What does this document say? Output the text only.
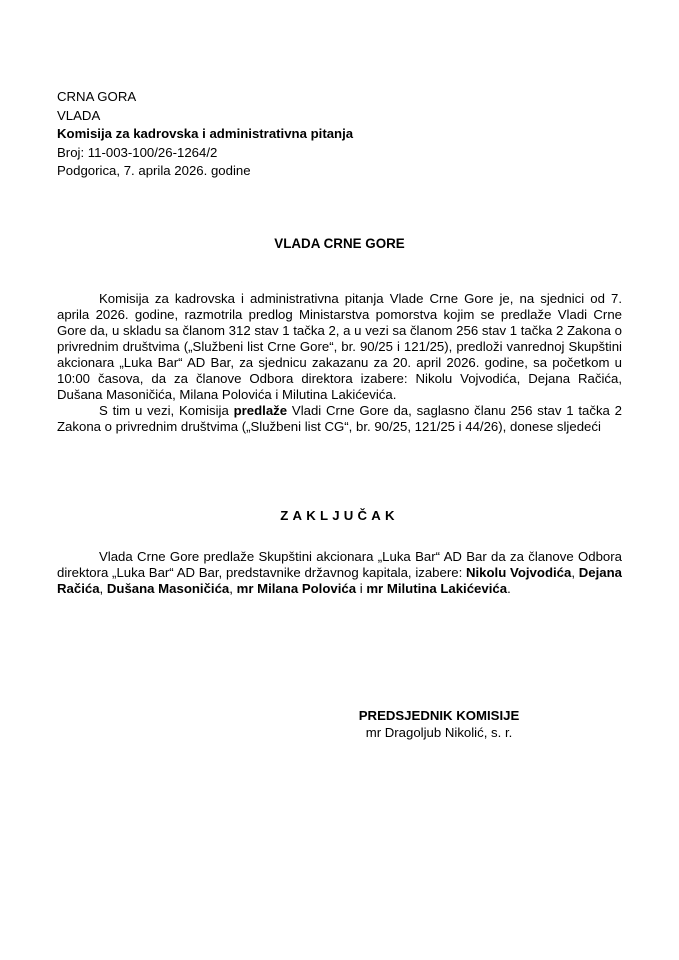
CRNA GORA
VLADA
Komisija za kadrovska i administrativna pitanja
Broj: 11-003-100/26-1264/2
Podgorica, 7. aprila 2026. godine
VLADA CRNE GORE

Komisija za kadrovska i administrativna pitanja Vlade Crne Gore je, na sjednici od 7. aprila 2026. godine, razmotrila predlog Ministarstva pomorstva kojim se predlaže Vladi Crne Gore da, u skladu sa članom 312 stav 1 tačka 2, a u vezi sa članom 256 stav 1 tačka 2 Zakona o privrednim društvima („Službeni list Crne Gore“, br. 90/25 i 121/25), predloži vanrednoj Skupštini akcionara „Luka Bar“ AD Bar, za sjednicu zakazanu za 20. april 2026. godine, sa početkom u 10:00 časova, da za članove Odbora direktora izabere: Nikolu Vojvodića, Dejana Račića, Dušana Masoničića, Milana Polovića i Milutina Lakićevića.

S tim u vezi, Komisija predlaže Vladi Crne Gore da, saglasno članu 256 stav 1 tačka 2 Zakona o privrednim društvima („Službeni list CG“, br. 90/25, 121/25 i 44/26), donese sljedeći

ZAKLJUČAK

Vlada Crne Gore predlaže Skupštini akcionara „Luka Bar“ AD Bar da za članove Odbora direktora „Luka Bar“ AD Bar, predstavnike državnog kapitala, izabere: Nikolu Vojvodića, Dejana Račića, Dušana Masoničića, mr Milana Polovića i mr Milutina Lakićevića.

PREDSJEDNIK KOMISIJE
mr Dragoljub Nikolić, s. r.
